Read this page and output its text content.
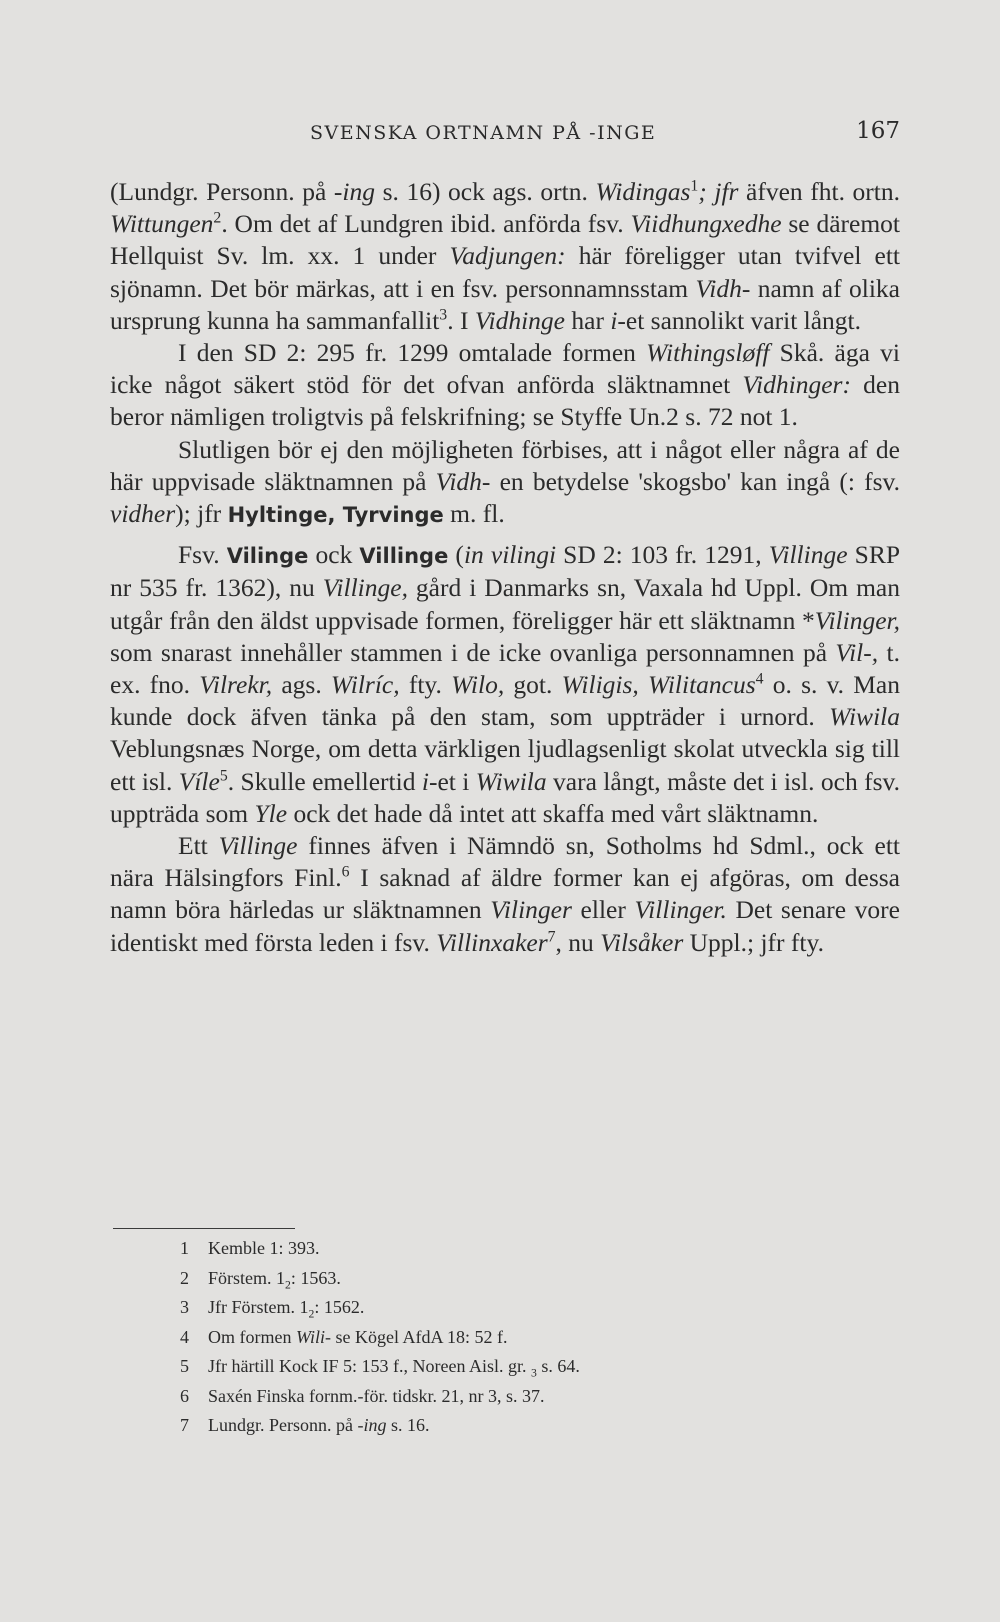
SVENSKA ORTNAMN PÅ -INGE	167

(Lundgr. Personn. på -ing s. 16) ock ags. ortn. Widingas$^1$; jfr äfven fht. ortn. Wittungen$^2$. Om det af Lundgren ibid. anförda fsv. Viidhungxedhe se däremot Hellquist Sv. lm. xx. 1 under Vadjungen: här föreligger utan tvifvel ett sjönamn. Det bör märkas, att i en fsv. personnamnsstam Vidh- namn af olika ursprung kunna ha sammanfallit$^3$. I Vidhinge har i-et sannolikt varit långt.

I den SD 2: 295 fr. 1299 omtalade formen Withingsløff Skå. äga vi icke något säkert stöd för det ofvan anförda släktnamnet Vidhinger: den beror nämligen troligtvis på felskrifning; se Styffe Un.2 s. 72 not 1.

Slutligen bör ej den möjligheten förbises, att i något eller några af de här uppvisade släktnamnen på Vidh- en betydelse 'skogsbo' kan ingå (: fsv. vidher); jfr Hyltinge, Tyrvinge m. fl.

Fsv. Vilinge ock Villinge (in vilingi SD 2: 103 fr. 1291, Villinge SRP nr 535 fr. 1362), nu Villinge, gård i Danmarks sn, Vaxala hd Uppl. Om man utgår från den äldst uppvisade formen, föreligger här ett släktnamn *Vilinger, som snarast innehåller stammen i de icke ovanliga personnamnen på Vil-, t. ex. fno. Vilrekr, ags. Wilríc, fty. Wilo, got. Wiligis, Wilitancus$^4$ o. s. v. Man kunde dock äfven tänka på den stam, som uppträder i urnord. Wiwila Veblungsnæs Norge, om detta värkligen ljudlagsenligt skolat utveckla sig till ett isl. Víle$^5$. Skulle emellertid i-et i Wiwila vara långt, måste det i isl. och fsv. uppträda som Yle ock det hade då intet att skaffa med vårt släktnamn.

Ett Villinge finnes äfven i Nämndö sn, Sotholms hd Sdml., ock ett nära Hälsingfors Finl.$^6$ I saknad af äldre former kan ej afgöras, om dessa namn böra härledas ur släktnamnen Vilinger eller Villinger. Det senare vore identiskt med första leden i fsv. Villinxaker$^7$, nu Vilsåker Uppl.; jfr fty.

1	Kemble 1: 393.
2	Förstem. $1_2$: 1563.
3	Jfr Förstem. $1_2$: 1562.
4	Om formen Wili- se Kögel AfdA 18: 52 f.
5	Jfr härtill Kock IF 5: 153 f., Noreen Aisl. gr. $_3$ s. 64.
6	Saxén Finska fornm.-för. tidskr. 21, nr 3, s. 37.
7	Lundgr. Personn. på -ing s. 16.
